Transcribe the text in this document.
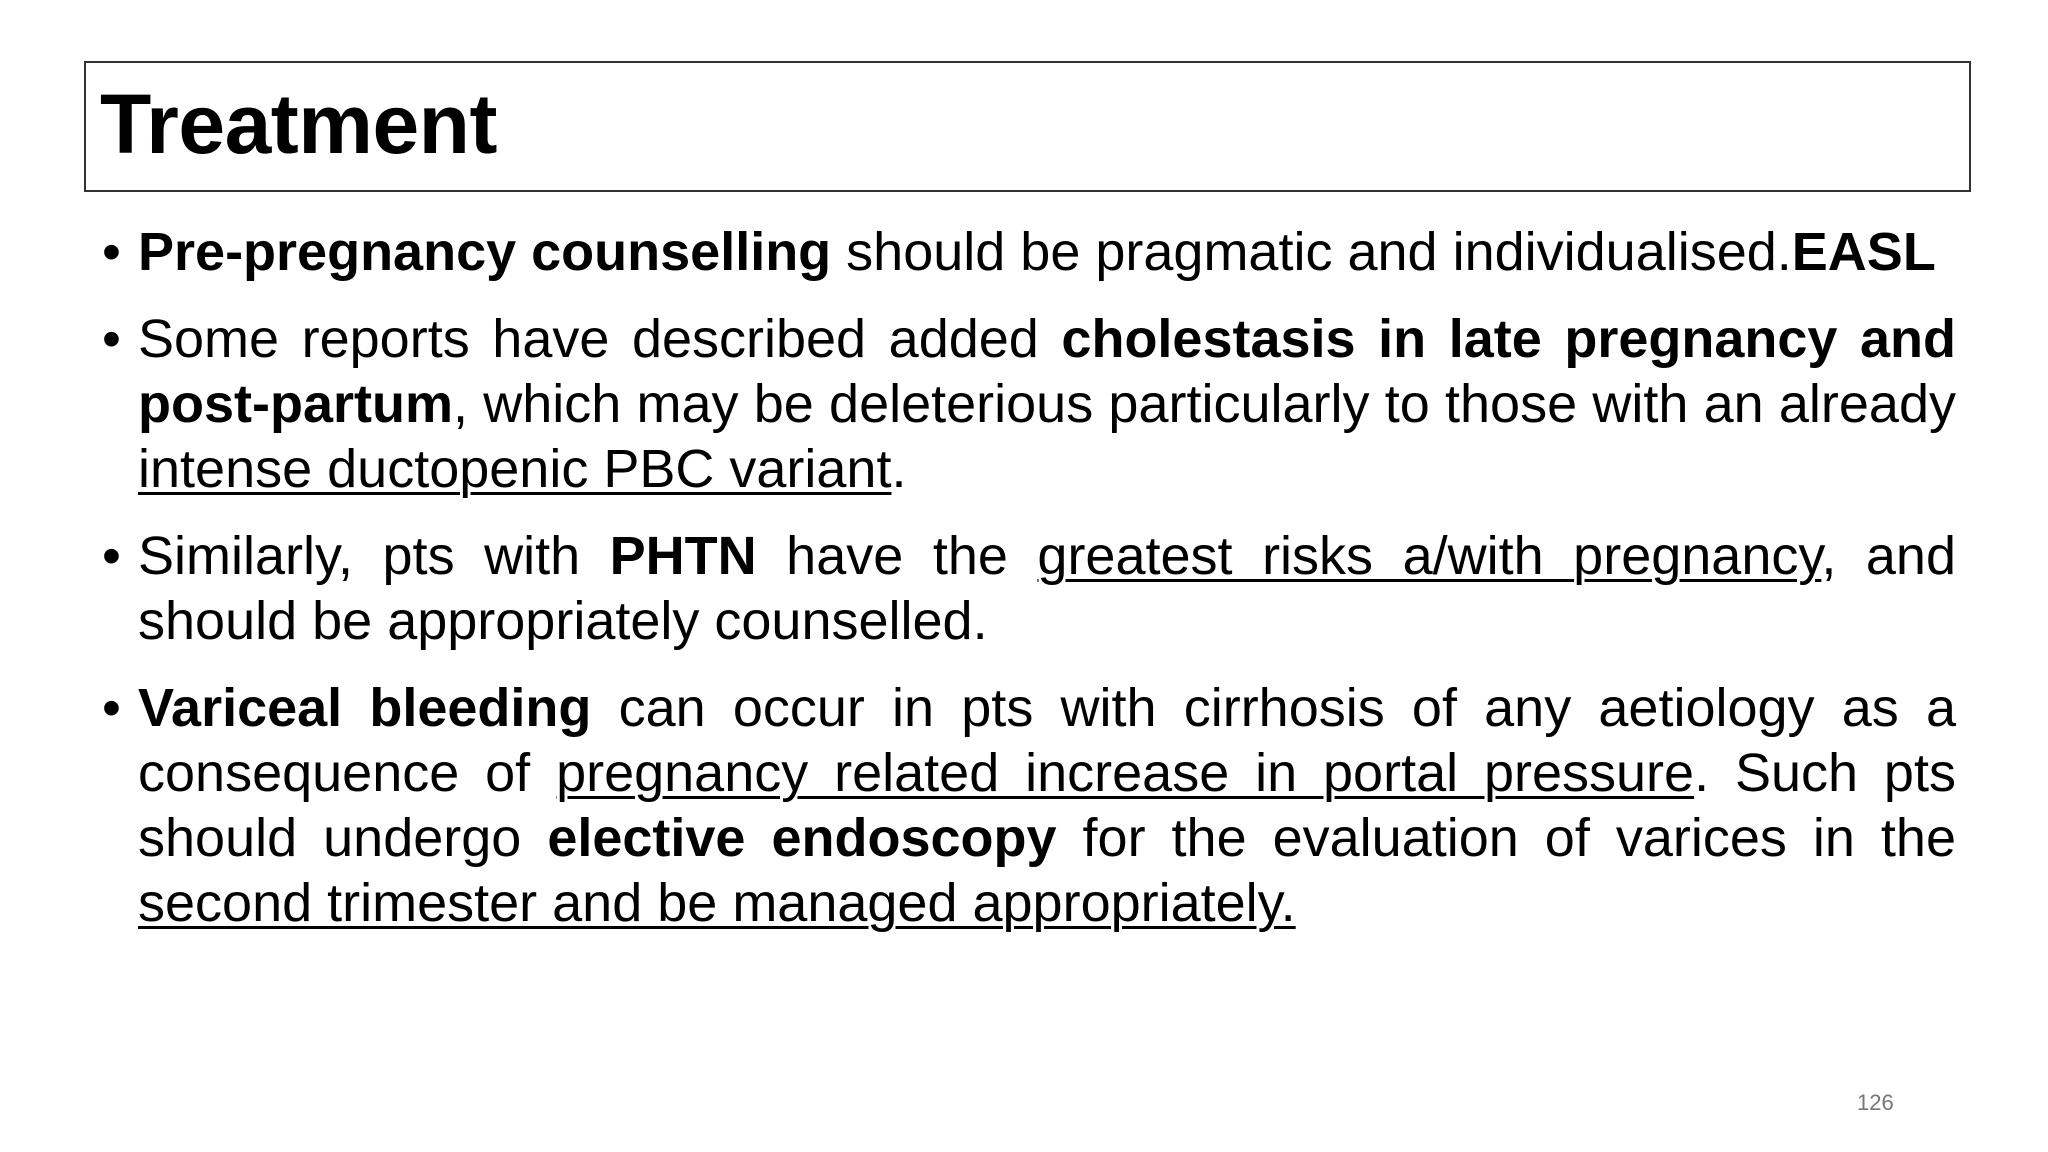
Treatment
• Pre-pregnancy counselling should be pragmatic and individualised.EASL

• Some reports have described added cholestasis in late pregnancy and post-partum, which may be deleterious particularly to those with an already intense ductopenic PBC variant.

• Similarly, pts with PHTN have the greatest risks a/with pregnancy, and should be appropriately counselled.

• Variceal bleeding can occur in pts with cirrhosis of any aetiology as a consequence of pregnancy related increase in portal pressure. Such pts should undergo elective endoscopy for the evaluation of varices in the second trimester and be managed appropriately.

126
